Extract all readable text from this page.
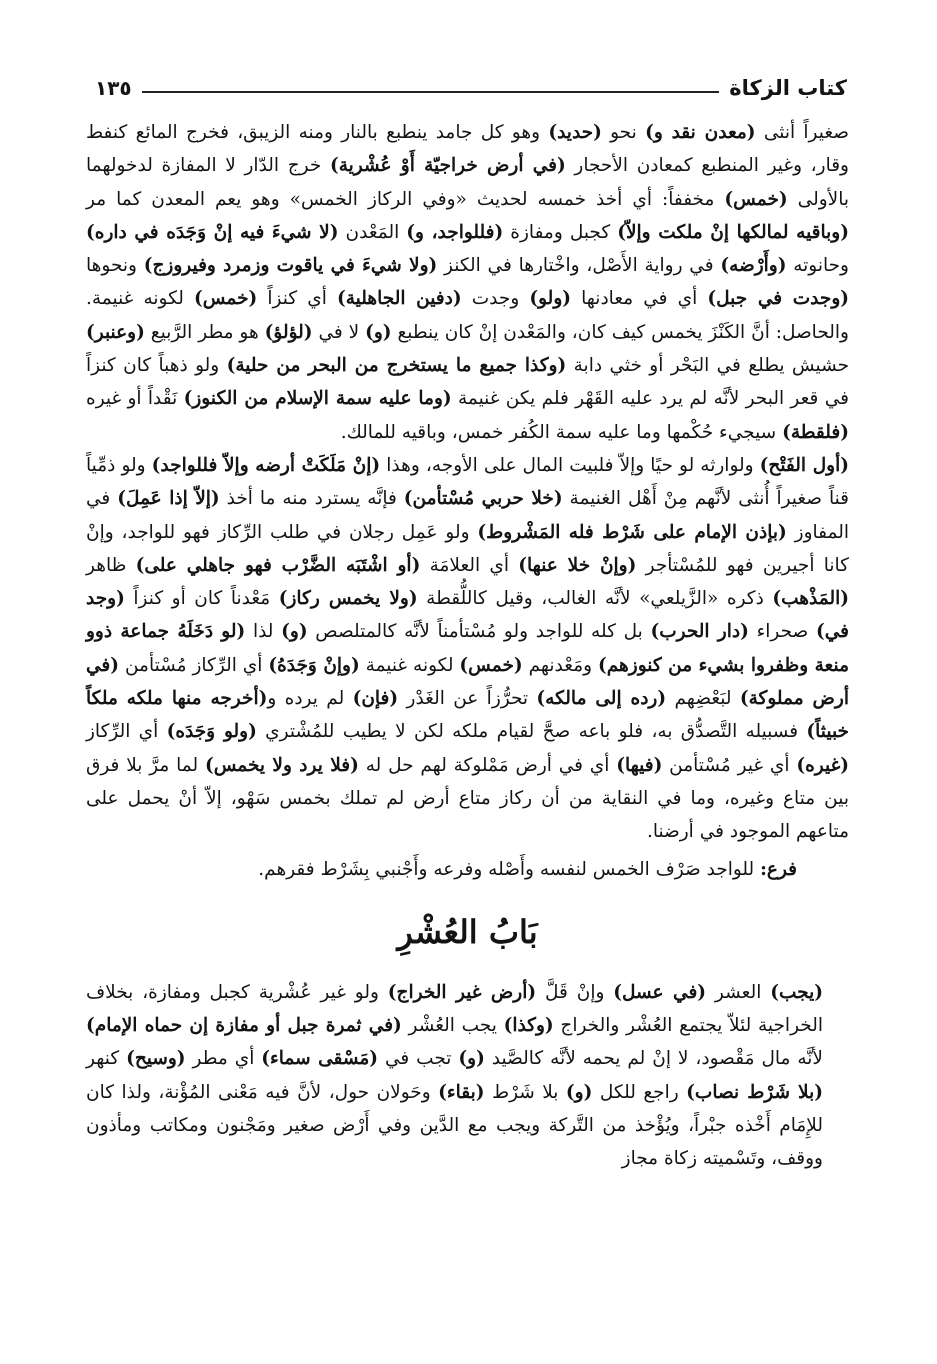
كتاب الزكاة
١٣٥

صغيراً أنثى (معدن نقد و) نحو (حديد) وهو كل جامد ينطبع بالنار ومنه الزيبق، فخرج المائع كنفط وقار، وغير المنطبع كمعادن الأحجار (في أرض خراجيّة أَوْ عُشْرية) خرج الدّار لا المفازة لدخولهما بالأولى (خمس) مخففاً: أي أخذ خمسه لحديث «وفي الركاز الخمس» وهو يعم المعدن كما مر (وباقيه لمالكها إنْ ملكت وإلاّ) كجبل ومفازة (فللواجد، و) المَعْدن (لا شيءَ فيه إنْ وَجَدَه في داره) وحانوته (وأَرْضه) في رواية الأَصْل، واخْتارها في الكنز (ولا شيءَ في ياقوت وزمرد وفيروزج) ونحوها (وجدت في جبل) أي في معادنها (ولو) وجدت (دفين الجاهلية) أي كنزاً (خمس) لكونه غنيمة. والحاصل: أنَّ الكَنْزَ يخمس كيف كان، والمَعْدن إنْ كان ينطبع (و) لا في (لؤلؤ) هو مطر الرَّبيع (وعنبر) حشيش يطلع في البَحْر أو خثي دابة (وكذا جميع ما يستخرج من البحر من حلية) ولو ذهباً كان كنزاً في قعر البحر لأنَّه لم يرد عليه القَهْر فلم يكن غنيمة (وما عليه سمة الإسلام من الكنوز) نَقْداً أو غيره (فلقطة) سيجيء حُكْمها وما عليه سمة الكُفر خمس، وباقيه للمالك.

(أول الفَتْح) ولوارثه لو حيًا وإلاّ فلبيت المال على الأوجه، وهذا (إنْ مَلَكَتْ أرضه وإلاّ فللواجد) ولو ذمِّياً قناً صغيراً أُنثى لأنَّهم مِنْ أَهْل الغنيمة (خلا حربي مُسْتأمن) فإنَّه يسترد منه ما أخذ (إلاّ إذا عَمِلَ) في المفاوز (بإذن الإمام على شَرْط فله المَشْروط) ولو عَمِل رجلان في طلب الرِّكاز فهو للواجد، وإنْ كانا أجيرين فهو للمُسْتأجر (وإنْ خلا عنها) أي العلامَة (أو اشْتَبَه الضَّرْب فهو جاهلي على) ظاهر (المَذْهب) ذكره «الزَّيلعي» لأنَّه الغالب، وقيل كاللُّقطة (ولا يخمس ركاز) مَعْدناً كان أو كنزاً (وجد في) صحراء (دار الحرب) بل كله للواجد ولو مُسْتأمناً لأنَّه كالمتلصص (و) لذا (لو دَخَلَهُ جماعة ذوو منعة وظفروا بشيء من كنوزهم) ومَعْدنهم (خمس) لكونه غنيمة (وإنْ وَجَدَهُ) أي الرِّكاز مُسْتأمن (في أرض مملوكة) لبَعْضِهم (رده إلى مالكه) تحرُّزاً عن الغَدْر (فإن) لم يرده و(أخرجه منها ملكه ملكاً خبيثاً) فسبيله التَّصدُّق به، فلو باعه صحَّ لقيام ملكه لكن لا يطيب للمُشْتري (ولو وَجَدَه) أي الرِّكاز (غيره) أي غير مُسْتأمن (فيها) أي في أرض مَمْلوكة لهم حل له (فلا يرد ولا يخمس) لما مرَّ بلا فرق بين متاع وغيره، وما في النقاية من أن ركاز متاع أرض لم تملك بخمس سَهْو، إلاّ أنْ يحمل على متاعهم الموجود في أرضنا.

فرع: للواجد صَرْف الخمس لنفسه وأَصْله وفرعه وأَجْنبي بِشَرْط فقرهم.

بَابُ العُشْرِ

(يجب) العشر (في عسل) وإنْ قَلَّ (أرض غير الخراج) ولو غير عُشْرية كجبل ومفازة، بخلاف الخراجية لئلاّ يجتمع العُشْر والخراج (وكذا) يجب العُشْر (في ثمرة جبل أو مفازة إن حماه الإمام) لأنَّه مال مَقْصود، لا إنْ لم يحمه لأنَّه كالصَّيد (و) تجب في (مَسْقى سماء) أي مطر (وسيح) كنهر (بلا شَرْط نصاب) راجع للكل (و) بلا شَرْط (بقاء) وحَولان حول، لأنَّ فيه مَعْنى المُؤْنة، ولذا كان للإِمَام أَخْذه جبْراً، ويُؤْخذ من التَّركة ويجب مع الدَّين وفي أَرْض صغير ومَجْنون ومكاتب ومأذون ووقف، وتَسْميته زكاة مجاز
